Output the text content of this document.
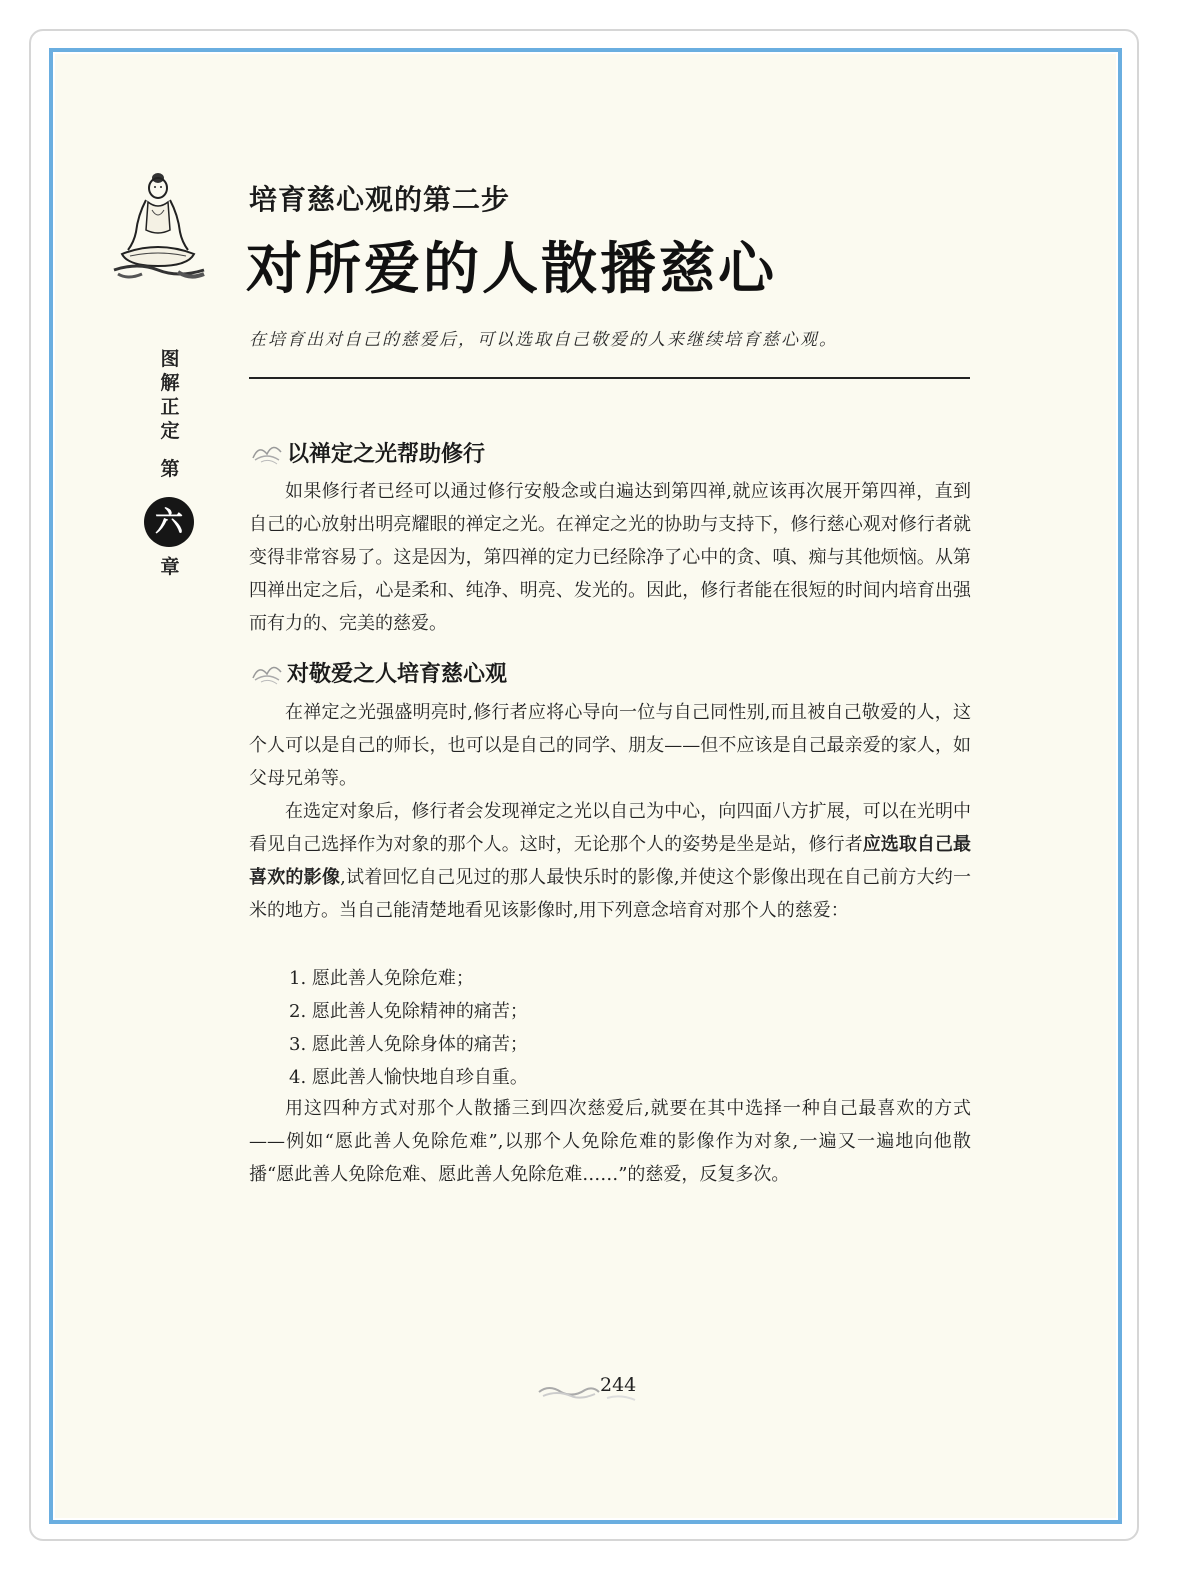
培育慈心观的第二步
对所爱的人散播慈心
图
解
正
定
第
六
章
在培育出对自己的慈爱后，可以选取自己敬爱的人来继续培育慈心观。
以禅定之光帮助修行

如果修行者已经可以通过修行安般念或白遍达到第四禅,就应该再次展开第四禅，直到自己的心放射出明亮耀眼的禅定之光。在禅定之光的协助与支持下，修行慈心观对修行者就变得非常容易了。这是因为，第四禅的定力已经除净了心中的贪、嗔、痴与其他烦恼。从第四禅出定之后，心是柔和、纯净、明亮、发光的。因此，修行者能在很短的时间内培育出强而有力的、完美的慈爱。

对敬爱之人培育慈心观

在禅定之光强盛明亮时,修行者应将心导向一位与自己同性别,而且被自己敬爱的人，这个人可以是自己的师长，也可以是自己的同学、朋友——但不应该是自己最亲爱的家人，如父母兄弟等。

在选定对象后，修行者会发现禅定之光以自己为中心，向四面八方扩展，可以在光明中看见自己选择作为对象的那个人。这时，无论那个人的姿势是坐是站，修行者应选取自己最喜欢的影像,试着回忆自己见过的那人最快乐时的影像,并使这个影像出现在自己前方大约一米的地方。当自己能清楚地看见该影像时,用下列意念培育对那个人的慈爱：

1. 愿此善人免除危难；
2. 愿此善人免除精神的痛苦；
3. 愿此善人免除身体的痛苦；
4. 愿此善人愉快地自珍自重。

用这四种方式对那个人散播三到四次慈爱后,就要在其中选择一种自己最喜欢的方式——例如“愿此善人免除危难”,以那个人免除危难的影像作为对象,一遍又一遍地向他散播“愿此善人免除危难、愿此善人免除危难……”的慈爱，反复多次。

244
